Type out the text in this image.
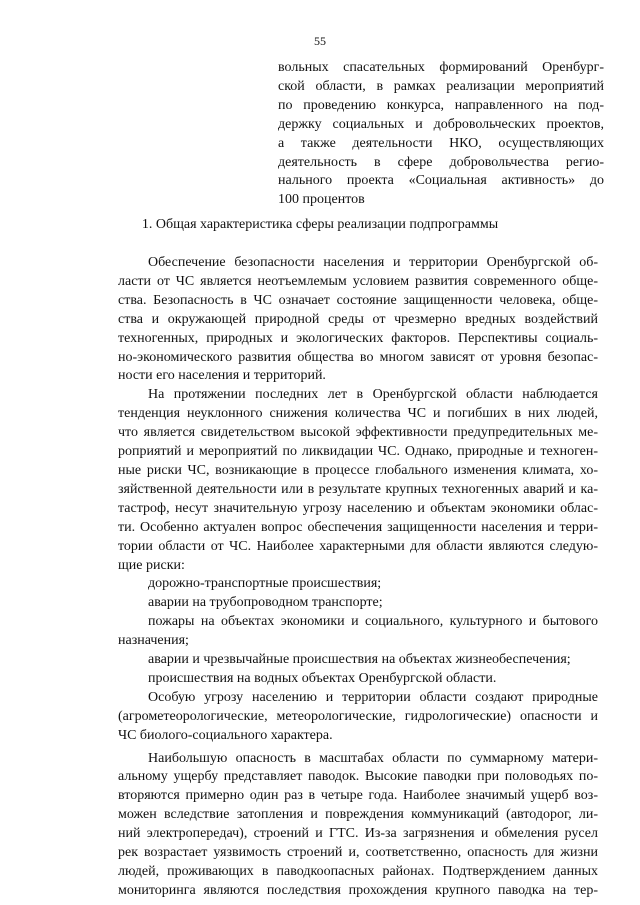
55
вольных спасательных формирований Оренбург-
ской области, в рамках реализации мероприятий
по проведению конкурса, направленного на под-
держку социальных и добровольческих проектов,
а также деятельности НКО, осуществляющих
деятельность в сфере добровольчества регио-
нального проекта «Социальная активность» до
100 процентов
1. Общая характеристика сферы реализации подпрограммы
Обеспечение безопасности населения и территории Оренбургской об-
ласти от ЧС является неотъемлемым условием развития современного обще-
ства. Безопасность в ЧС означает состояние защищенности человека, обще-
ства и окружающей природной среды от чрезмерно вредных воздействий
техногенных, природных и экологических факторов. Перспективы социаль-
но-экономического развития общества во многом зависят от уровня безопас-
ности его населения и территорий.
На протяжении последних лет в Оренбургской области наблюдается
тенденция неуклонного снижения количества ЧС и погибших в них людей,
что является свидетельством высокой эффективности предупредительных ме-
роприятий и мероприятий по ликвидации ЧС. Однако, природные и техноген-
ные риски ЧС, возникающие в процессе глобального изменения климата, хо-
зяйственной деятельности или в результате крупных техногенных аварий и ка-
тастроф, несут значительную угрозу населению и объектам экономики облас-
ти. Особенно актуален вопрос обеспечения защищенности населения и терри-
тории области от ЧС. Наиболее характерными для области являются следую-
щие риски:
дорожно-транспортные происшествия;
аварии на трубопроводном транспорте;
пожары на объектах экономики и социального, культурного и бытового
назначения;
аварии и чрезвычайные происшествия на объектах жизнеобеспечения;
происшествия на водных объектах Оренбургской области.
Особую угрозу населению и территории области создают природные
(агрометеорологические, метеорологические, гидрологические) опасности и
ЧС биолого-социального характера.
Наибольшую опасность в масштабах области по суммарному матери-
альному ущербу представляет паводок. Высокие паводки при половодьях по-
вторяются примерно один раз в четыре года. Наиболее значимый ущерб воз-
можен вследствие затопления и повреждения коммуникаций (автодорог, ли-
ний электропередач), строений и ГТС. Из-за загрязнения и обмеления русел
рек возрастает уязвимость строений и, соответственно, опасность для жизни
людей, проживающих в паводкоопасных районах. Подтверждением данных
мониторинга являются последствия прохождения крупного паводка на тер-
